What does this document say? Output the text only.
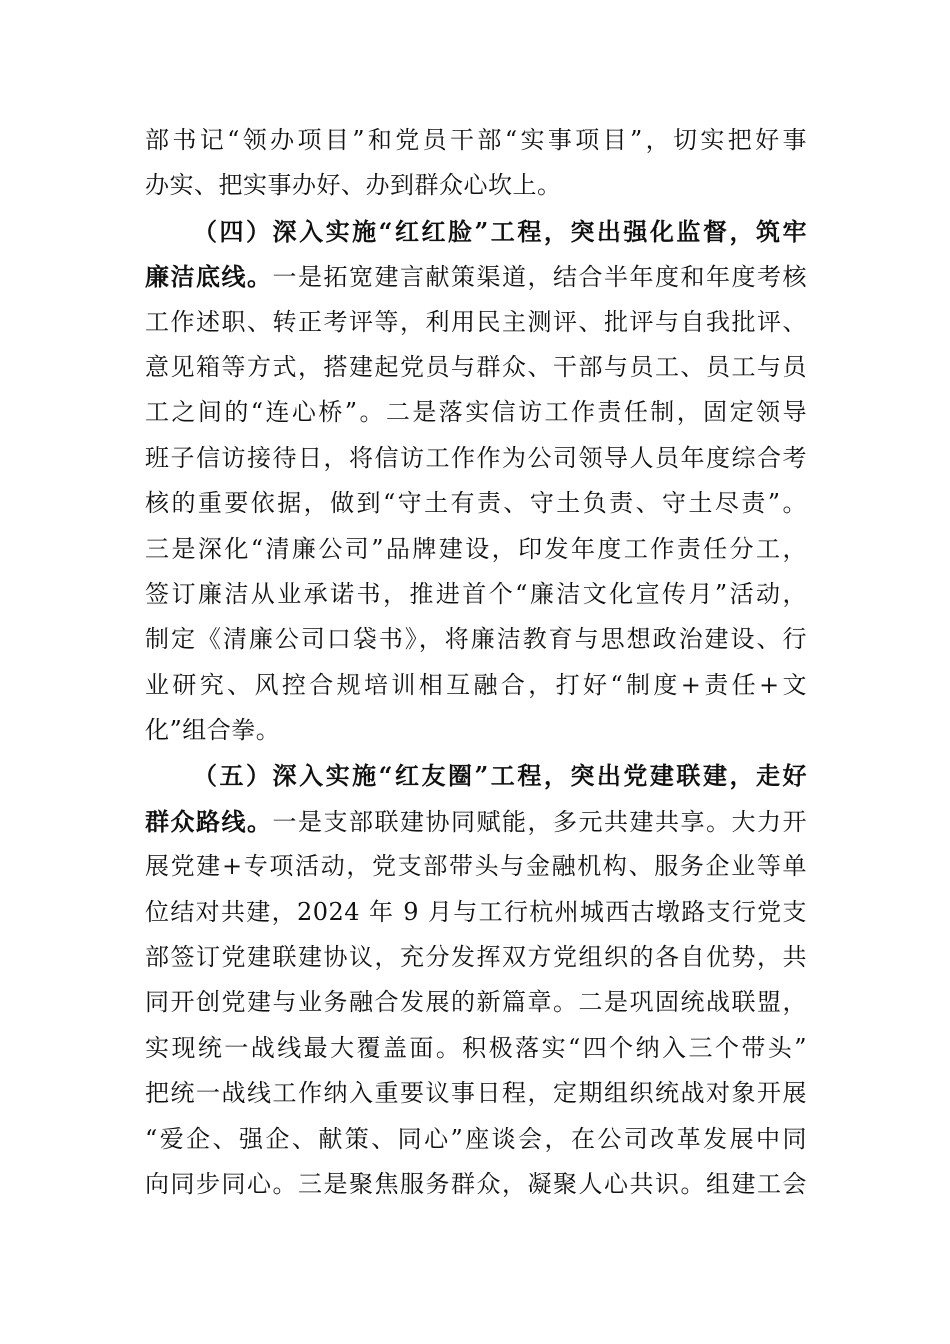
部书记“领办项目”和党员干部“实事项目”，切实把好事
办实、把实事办好、办到群众心坎上。
（四）深入实施“红红脸”工程，突出强化监督，筑牢
廉洁底线。一是拓宽建言献策渠道，结合半年度和年度考核
工作述职、转正考评等，利用民主测评、批评与自我批评、
意见箱等方式，搭建起党员与群众、干部与员工、员工与员
工之间的“连心桥”。二是落实信访工作责任制，固定领导
班子信访接待日，将信访工作作为公司领导人员年度综合考
核的重要依据，做到“守土有责、守土负责、守土尽责”。
三是深化“清廉公司”品牌建设，印发年度工作责任分工，
签订廉洁从业承诺书，推进首个“廉洁文化宣传月”活动，
制定《清廉公司口袋书》，将廉洁教育与思想政治建设、行
业研究、风控合规培训相互融合，打好“制度+责任+文
化”组合拳。
（五）深入实施“红友圈”工程，突出党建联建，走好
群众路线。一是支部联建协同赋能，多元共建共享。大力开
展党建+专项活动，党支部带头与金融机构、服务企业等单
位结对共建，2024 年 9 月与工行杭州城西古墩路支行党支
部签订党建联建协议，充分发挥双方党组织的各自优势，共
同开创党建与业务融合发展的新篇章。二是巩固统战联盟，
实现统一战线最大覆盖面。积极落实“四个纳入三个带头”
把统一战线工作纳入重要议事日程，定期组织统战对象开展
“爱企、强企、献策、同心”座谈会，在公司改革发展中同
向同步同心。三是聚焦服务群众，凝聚人心共识。组建工会
